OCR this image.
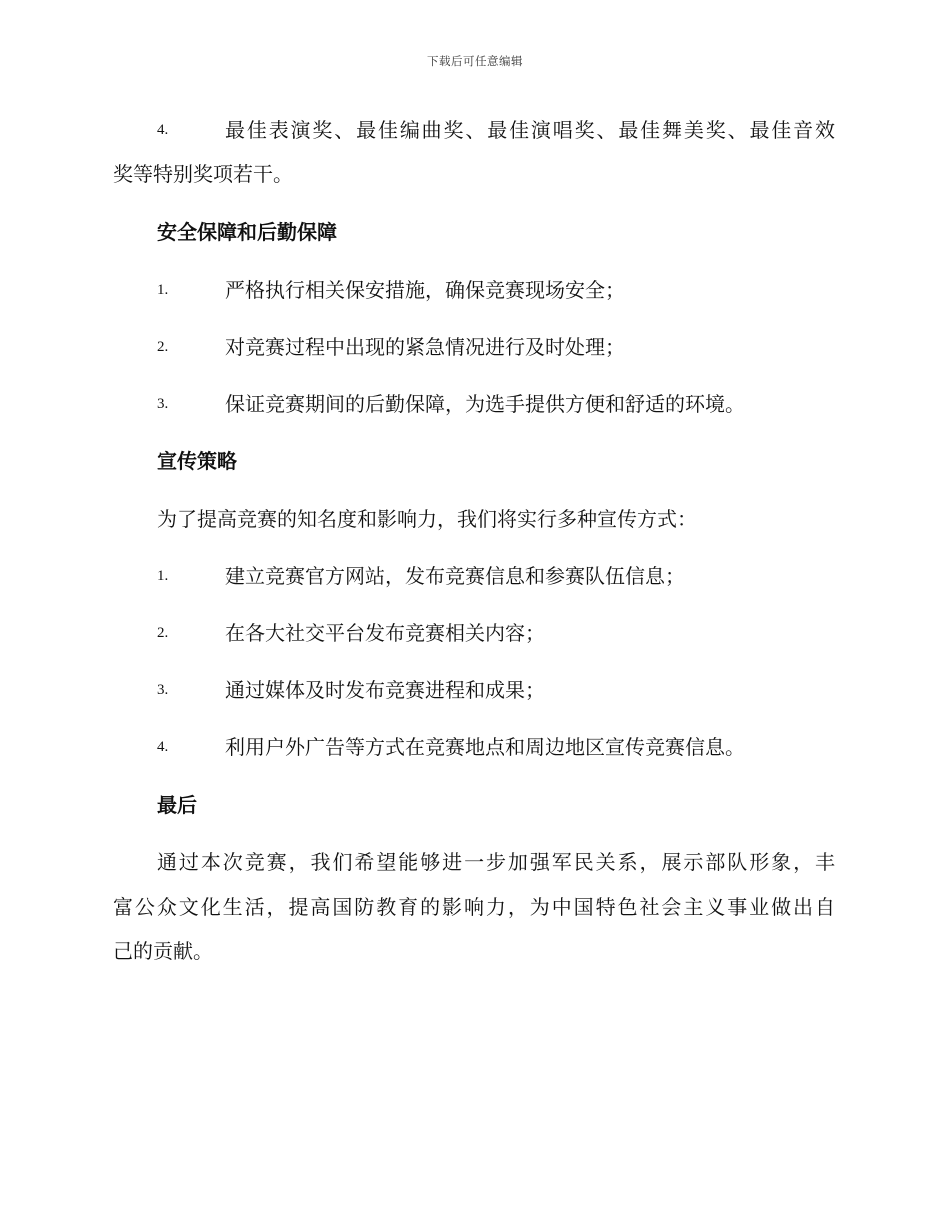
下载后可任意编辑
4.	最佳表演奖、最佳编曲奖、最佳演唱奖、最佳舞美奖、最佳音效
奖等特别奖项若干。
安全保障和后勤保障
1.	严格执行相关保安措施，确保竞赛现场安全；
2.	对竞赛过程中出现的紧急情况进行及时处理；
3.	保证竞赛期间的后勤保障，为选手提供方便和舒适的环境。
宣传策略
为了提高竞赛的知名度和影响力，我们将实行多种宣传方式：
1.	建立竞赛官方网站，发布竞赛信息和参赛队伍信息；
2.	在各大社交平台发布竞赛相关内容；
3.	通过媒体及时发布竞赛进程和成果；
4.	利用户外广告等方式在竞赛地点和周边地区宣传竞赛信息。
最后
通过本次竞赛，我们希望能够进一步加强军民关系，展示部队形象，丰
富公众文化生活，提高国防教育的影响力，为中国特色社会主义事业做出自
己的贡献。
